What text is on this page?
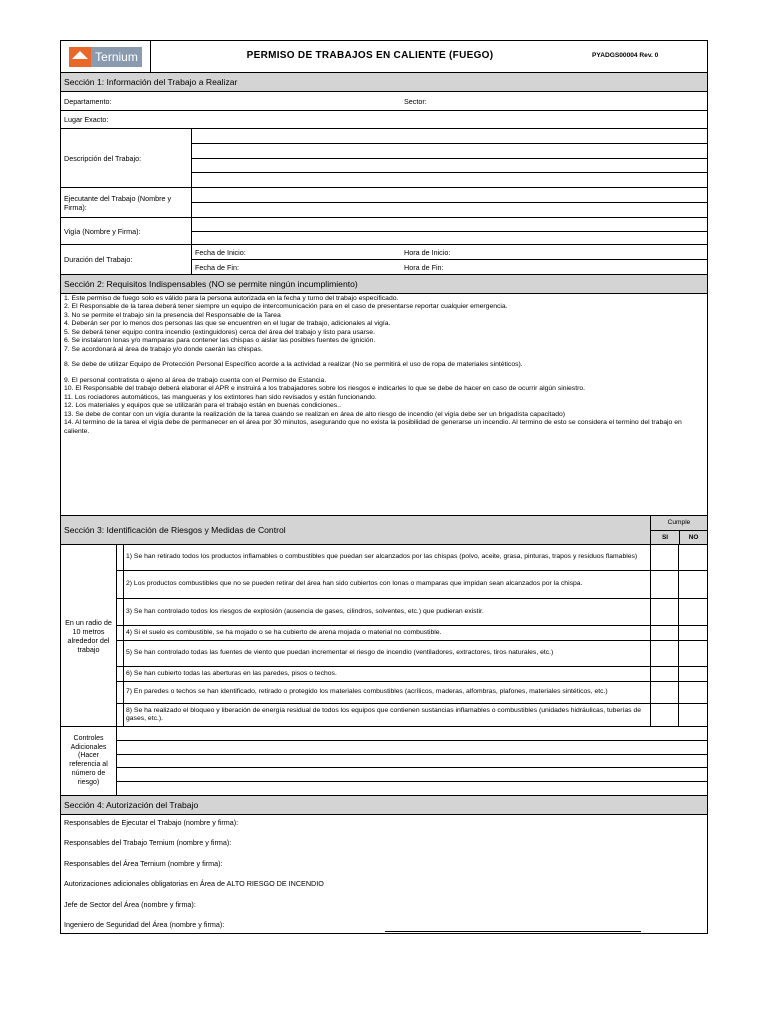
Ternium	PERMISO DE TRABAJOS EN CALIENTE (FUEGO)	PYADGS00004 Rev. 0
Sección 1: Información del Trabajo a Realizar
Departamento:	Sector:
Lugar Exacto:
Descripción del Trabajo:
Ejecutante del Trabajo (Nombre y Firma):
Vigía (Nombre y Firma):
Duración del Trabajo:
Fecha de Inicio:	Hora de Inicio:
Fecha de Fin:	Hora de Fin:
Sección 2: Requisitos Indispensables (NO se permite ningún incumplimiento)

1. Este permiso de fuego solo es válido para la persona autorizada en la fecha y turno del trabajo especificado.

2. El Responsable de la tarea deberá tener siempre un equipo de intercomunicación para en el caso de presentarse reportar cualquier emergencia.

3. No se permite el trabajo sin la presencia del Responsable de la Tarea

4. Deberán ser por lo menos dos personas las que se encuentren en el lugar de trabajo, adicionales al vigía.

5. Se deberá tener equipo contra incendio (extinguidores) cerca del área del trabajo y listo para usarse.

6. Se instalaron lonas y/o mamparas para contener las chispas o aislar las posibles fuentes de ignición.

7. Se acordonará al área de trabajo y/o donde caerán las chispas.

8. Se debe de utilizar Equipo de Protección Personal Específico acorde a la actividad a realizar (No se permitirá el uso de ropa de materiales sintéticos).

9. El personal contratista o ajeno al área de trabajo cuenta con el Permiso de Estancia.

10. El Responsable del trabajo deberá elaborar el APR e instruirá a los trabajadores sobre los riesgos e indicarles lo que se debe de hacer en caso de ocurrir algún siniestro.

11. Los rociadores automáticos, las mangueras y los extintores han sido revisados y están funcionando.

12. Los materiales y equipos que se utilizarán para el trabajo están en buenas condiciones..

13. Se debe de contar con un vigía durante la realización de la tarea cuando se realizan en área de alto riesgo de incendio (el vigía debe ser un brigadista capacitado)

14. Al termino de la tarea el vigía debe de permanecer en el área por 30 minutos, asegurando que no exista la posibilidad de generarse un incendio. Al termino de esto se considera el termino del trabajo en caliente.

Sección 3: Identificación de Riesgos y Medidas de Control
Cumple
SI	NO
En un radio de 10 metros alrededor del trabajo
1) Se han retirado todos los productos inflamables o combustibles que puedan ser alcanzados por las chispas (polvo, aceite, grasa, pinturas, trapos y residuos flamables)
2) Los productos combustibles que no se pueden retirar del área han sido cubiertos con lonas o mamparas que impidan sean alcanzados por la chispa.
3) Se han controlado todos los riesgos de explosión (ausencia de gases, cilindros, solventes, etc.) que pudieran existir.
4) Si el suelo es combustible, se ha mojado o se ha cubierto de arena mojada o material no combustible.
5) Se han controlado todas las fuentes de viento que puedan incrementar el riesgo de incendio (ventiladores, extractores, tiros naturales, etc.)
6) Se han cubierto todas las aberturas en las paredes, pisos o techos.
7) En paredes o techos se han identificado, retirado o protegido los materiales combustibles (acrílicos, maderas, alfombras, plafones, materiales sintéticos, etc.)
8) Se ha realizado el bloqueo y liberación de energía residual de todos los equipos que contienen sustancias inflamables o combustibles (unidades hidráulicas, tuberías de gases, etc.).
Controles Adicionales (Hacer referencia al número de riesgo)
Sección 4: Autorización del Trabajo
Responsables de Ejecutar el Trabajo (nombre y firma):
Responsables del Trabajo Ternium (nombre y firma):
Responsables del Área Ternium (nombre y firma):
Autorizaciones adicionales obligatorias en Área de ALTO RIESGO DE INCENDIO
Jefe de Sector del Área (nombre y firma):
Ingeniero de Seguridad del Área (nombre y firma):
